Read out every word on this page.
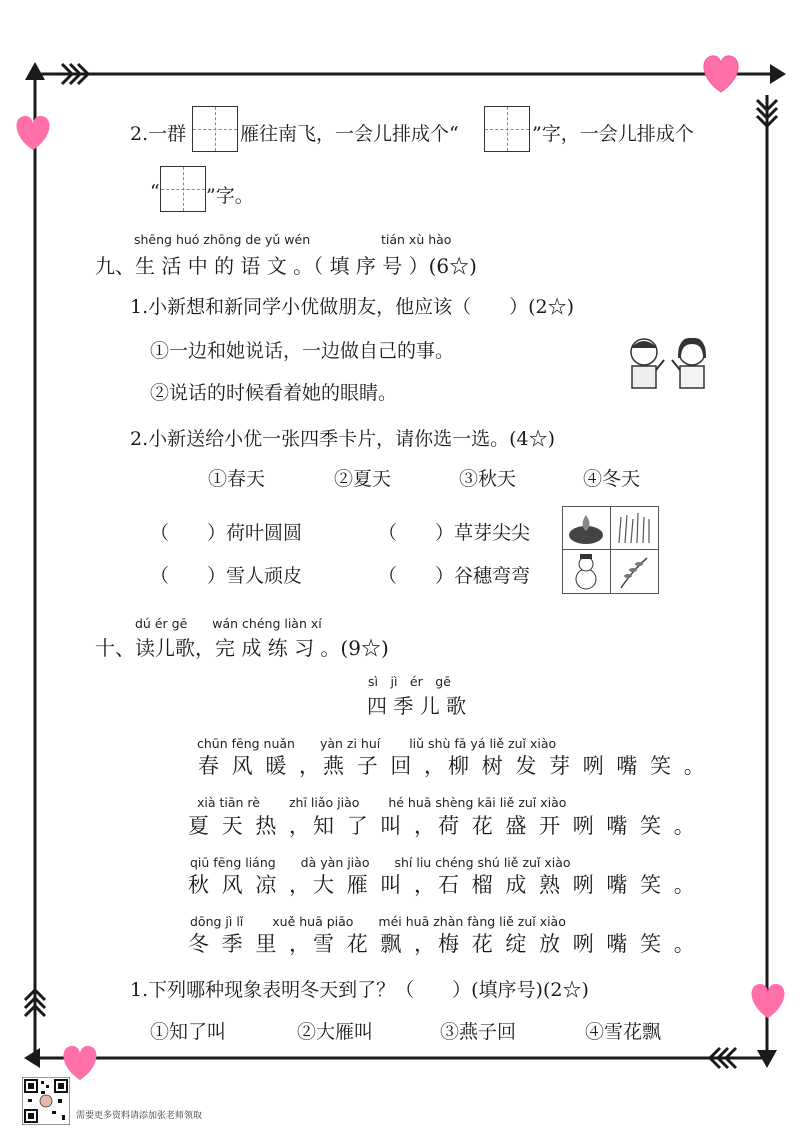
2.一群	雁往南飞，一会儿排成个“	”字，一会儿排成个
“ ”字。
shēng huó zhōng de yǔ wén	tián xù hào
九、生 活 中 的 语 文 。（ 填 序 号 ）(6☆)
1.小新想和新同学小优做朋友，他应该（　　）(2☆)
①一边和她说话，一边做自己的事。
②说话的时候看着她的眼睛。
2.小新送给小优一张四季卡片，请你选一选。(4☆)
①春天	②夏天	③秋天	④冬天
（　　）荷叶圆圆	（　　）草芽尖尖
（　　）雪人顽皮	（　　）谷穗弯弯
dú ér gē　　wán chéng liàn xí
十、读儿歌，完 成 练 习 。(9☆)
sì　jì　ér　gē
四 季 儿 歌
chūn fēng nuǎn　　yàn zi huí　　 liǔ shù fā yá liě zuǐ xiào
春 风 暖 ，燕 子 回 ，柳 树 发 芽 咧 嘴 笑 。
xià tiān rè　　 zhī liǎo jiào　　 hé huā shèng kāi liě zuǐ xiào
夏 天 热 ，知 了 叫 ，荷 花 盛 开 咧 嘴 笑 。
qiū fēng liáng　　dà yàn jiào　　shí liu chéng shú liě zuǐ xiào
秋 风 凉 ，大 雁 叫 ，石 榴 成 熟 咧 嘴 笑 。
dōng jì lǐ　　 xuě huā piāo　　méi huā zhàn fàng liě zuǐ xiào
冬 季 里 ，雪 花 飘 ，梅 花 绽 放 咧 嘴 笑 。
1.下列哪种现象表明冬天到了？（　　）(填序号)(2☆)
①知了叫	②大雁叫	③燕子回	④雪花飘
需要更多资料请添加张老师领取
